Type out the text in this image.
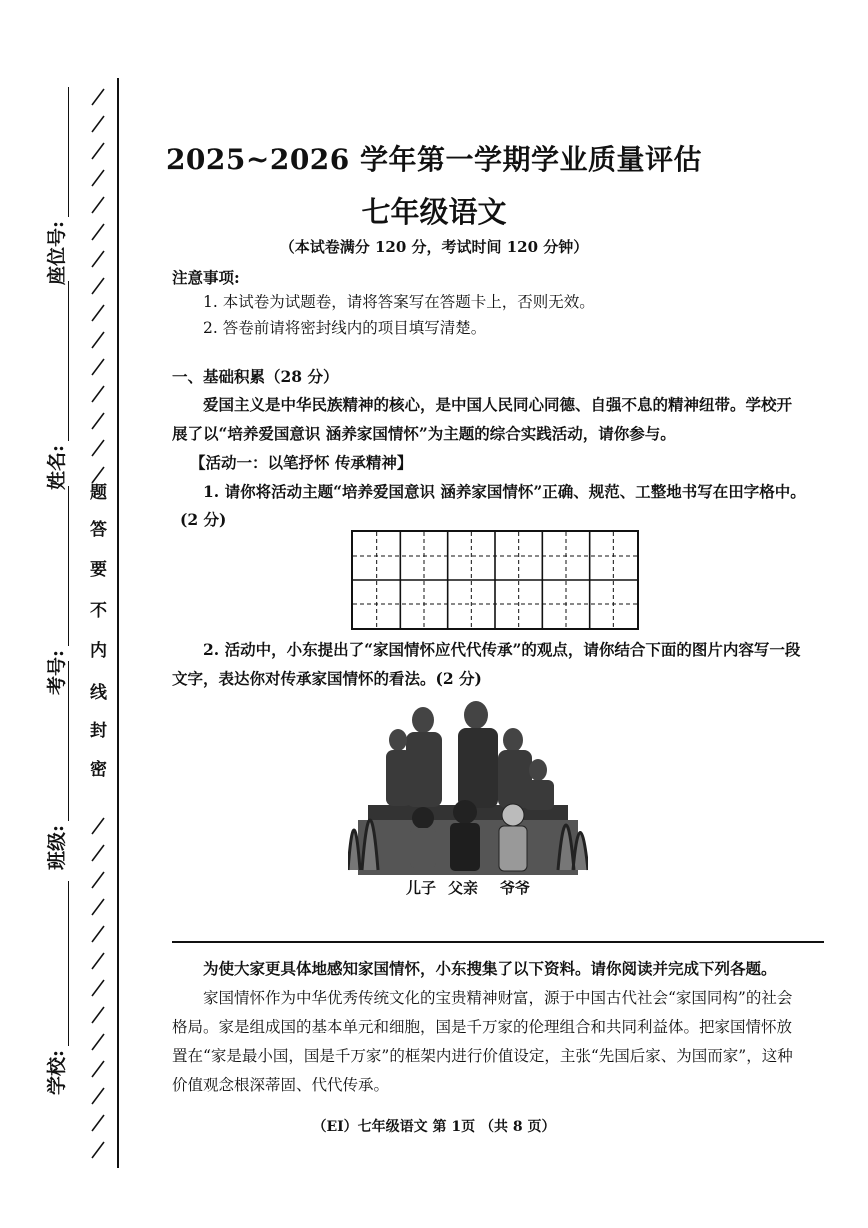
座位号:
姓名:
考号:
班级:
学校:
题
答
要
不
内
线
封
密
2025~2026 学年第一学期学业质量评估
七年级语文
（本试卷满分 120 分，考试时间 120 分钟）
注意事项:
1. 本试卷为试题卷，请将答案写在答题卡上，否则无效。
2. 答卷前请将密封线内的项目填写清楚。
一、基础积累（28 分）
爱国主义是中华民族精神的核心，是中国人民同心同德、自强不息的精神纽带。学校开
展了以“培养爱国意识 涵养家国情怀”为主题的综合实践活动，请你参与。
【活动一：以笔抒怀 传承精神】
1. 请你将活动主题“培养爱国意识 涵养家国情怀”正确、规范、工整地书写在田字格中。
(2 分)
2. 活动中，小东提出了“家国情怀应代代传承”的观点，请你结合下面的图片内容写一段
文字，表达你对传承家国情怀的看法。(2 分)
儿子 父亲 爷爷
为使大家更具体地感知家国情怀，小东搜集了以下资料。请你阅读并完成下列各题。
家国情怀作为中华优秀传统文化的宝贵精神财富，源于中国古代社会“家国同构”的社会
格局。家是组成国的基本单元和细胞，国是千万家的伦理组合和共同利益体。把家国情怀放
置在“家是最小国，国是千万家”的框架内进行价值设定，主张“先国后家、为国而家”，这种
价值观念根深蒂固、代代传承。
（EI）七年级语文 第 1页 （共 8 页）
